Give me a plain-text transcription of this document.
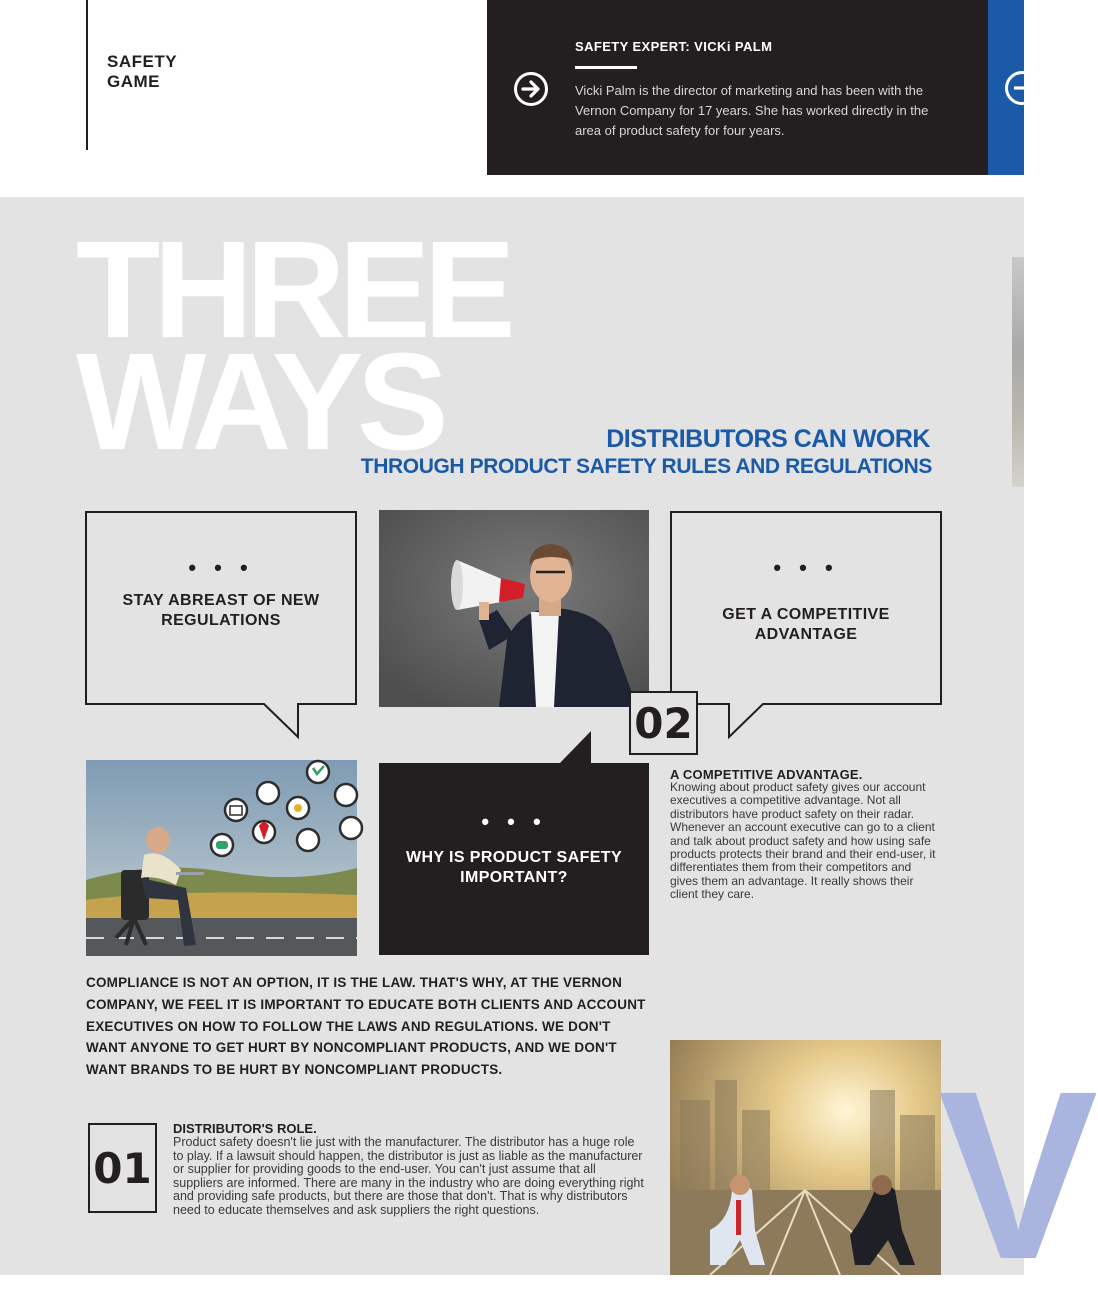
SAFETY GAME
SAFETY EXPERT: VICKi PALM
Vicki Palm is the director of marketing and has been with the Vernon Company for 17 years. She has worked directly in the area of product safety for four years.
THREE
WAYS	DISTRIBUTORS CAN WORK
THROUGH PRODUCT SAFETY RULES AND REGULATIONS
• • •
STAY ABREAST OF NEW REGULATIONS
• • •
GET A COMPETITIVE ADVANTAGE
02
• • •
WHY IS PRODUCT SAFETY IMPORTANT?
A COMPETITIVE ADVANTAGE.
Knowing about product safety gives our account executives a competitive advantage. Not all distributors have product safety on their radar. Whenever an account executive can go to a client and talk about product safety and how using safe products protects their brand and their end-user, it differentiates them from their competitors and gives them an advantage. It really shows their client they care.
COMPLIANCE IS NOT AN OPTION, IT IS THE LAW. THAT'S WHY, AT THE VERNON COMPANY, WE FEEL IT IS IMPORTANT TO EDUCATE BOTH CLIENTS AND ACCOUNT EXECUTIVES ON HOW TO FOLLOW THE LAWS AND REGULATIONS. WE DON'T WANT ANYONE TO GET HURT BY NONCOMPLIANT PRODUCTS, AND WE DON'T WANT BRANDS TO BE HURT BY NONCOMPLIANT PRODUCTS.
01
DISTRIBUTOR'S ROLE.
Product safety doesn't lie just with the manufacturer. The distributor has a huge role to play. If a lawsuit should happen, the distributor is just as liable as the manufacturer or supplier for providing goods to the end-user. You can't just assume that all suppliers are informed. There are many in the industry who are doing everything right and providing safe products, but there are those that don't. That is why distributors need to educate themselves and ask suppliers the right questions.	V
